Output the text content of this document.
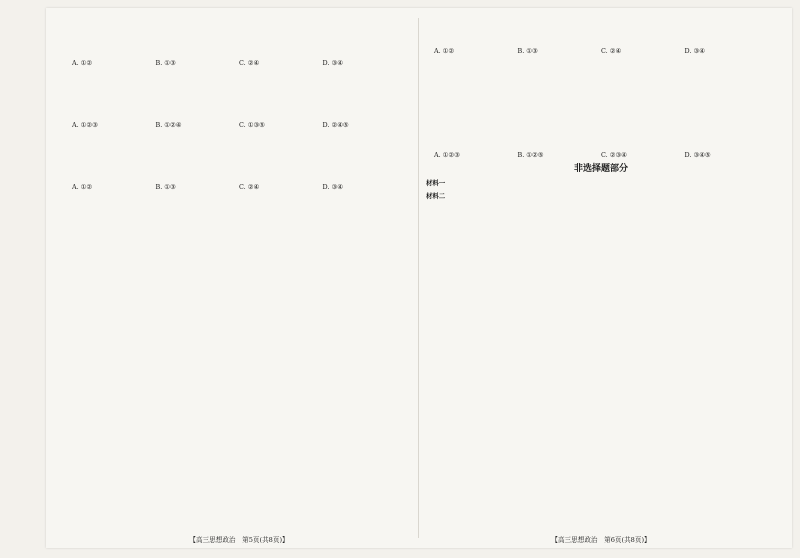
A. ①②	B. ①③	C. ②④	D. ③④
A. ①②③	B. ①②④	C. ①③⑤	D. ②④⑤
A. ①②	B. ①③	C. ②④	D. ③④
【高三思想政治　第5页(共8页)】
A. ①②	B. ①③	C. ②④	D. ③④
A. ①②③	B. ①②⑤	C. ②③④	D. ③④⑤
非选择题部分
材料一
材料二
【高三思想政治　第6页(共8页)】
